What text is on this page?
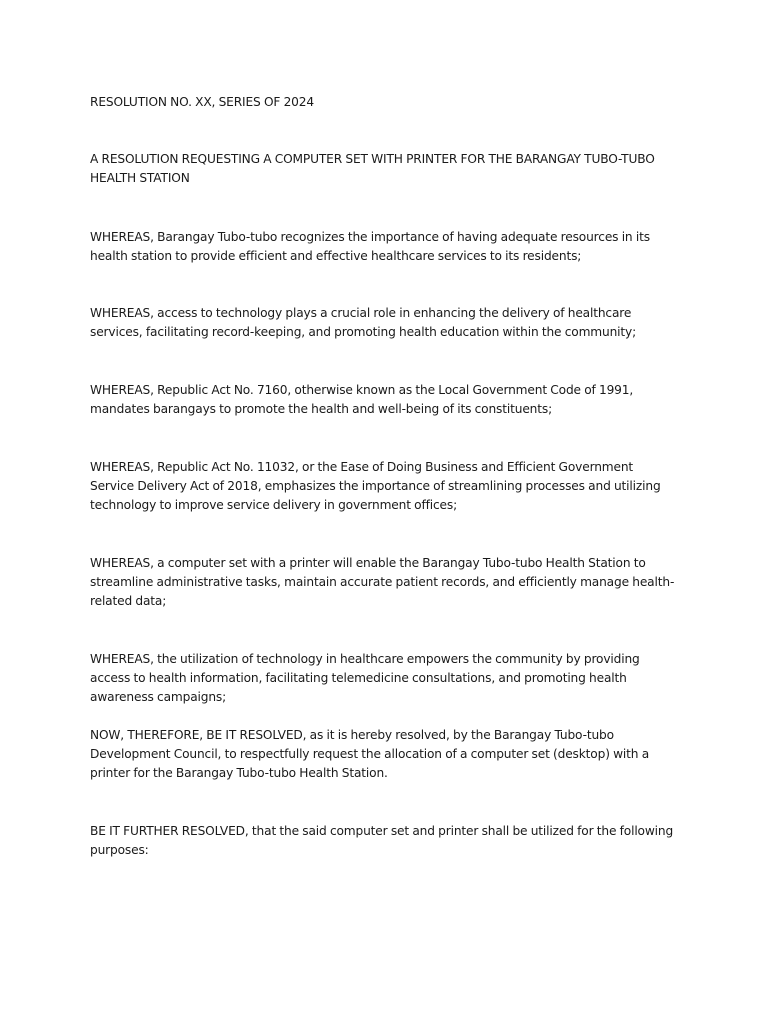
RESOLUTION NO. XX, SERIES OF 2024

A RESOLUTION REQUESTING A COMPUTER SET WITH PRINTER FOR THE BARANGAY TUBO-TUBO HEALTH STATION

WHEREAS, Barangay Tubo-tubo recognizes the importance of having adequate resources in its health station to provide efficient and effective healthcare services to its residents;

WHEREAS, access to technology plays a crucial role in enhancing the delivery of healthcare services, facilitating record-keeping, and promoting health education within the community;

WHEREAS, Republic Act No. 7160, otherwise known as the Local Government Code of 1991, mandates barangays to promote the health and well-being of its constituents;

WHEREAS, Republic Act No. 11032, or the Ease of Doing Business and Efficient Government Service Delivery Act of 2018, emphasizes the importance of streamlining processes and utilizing technology to improve service delivery in government offices;

WHEREAS, a computer set with a printer will enable the Barangay Tubo-tubo Health Station to streamline administrative tasks, maintain accurate patient records, and efficiently manage health-related data;

WHEREAS, the utilization of technology in healthcare empowers the community by providing access to health information, facilitating telemedicine consultations, and promoting health awareness campaigns;

NOW, THEREFORE, BE IT RESOLVED, as it is hereby resolved, by the Barangay Tubo-tubo Development Council, to respectfully request the allocation of a computer set (desktop) with a printer for the Barangay Tubo-tubo Health Station.

BE IT FURTHER RESOLVED, that the said computer set and printer shall be utilized for the following purposes:
